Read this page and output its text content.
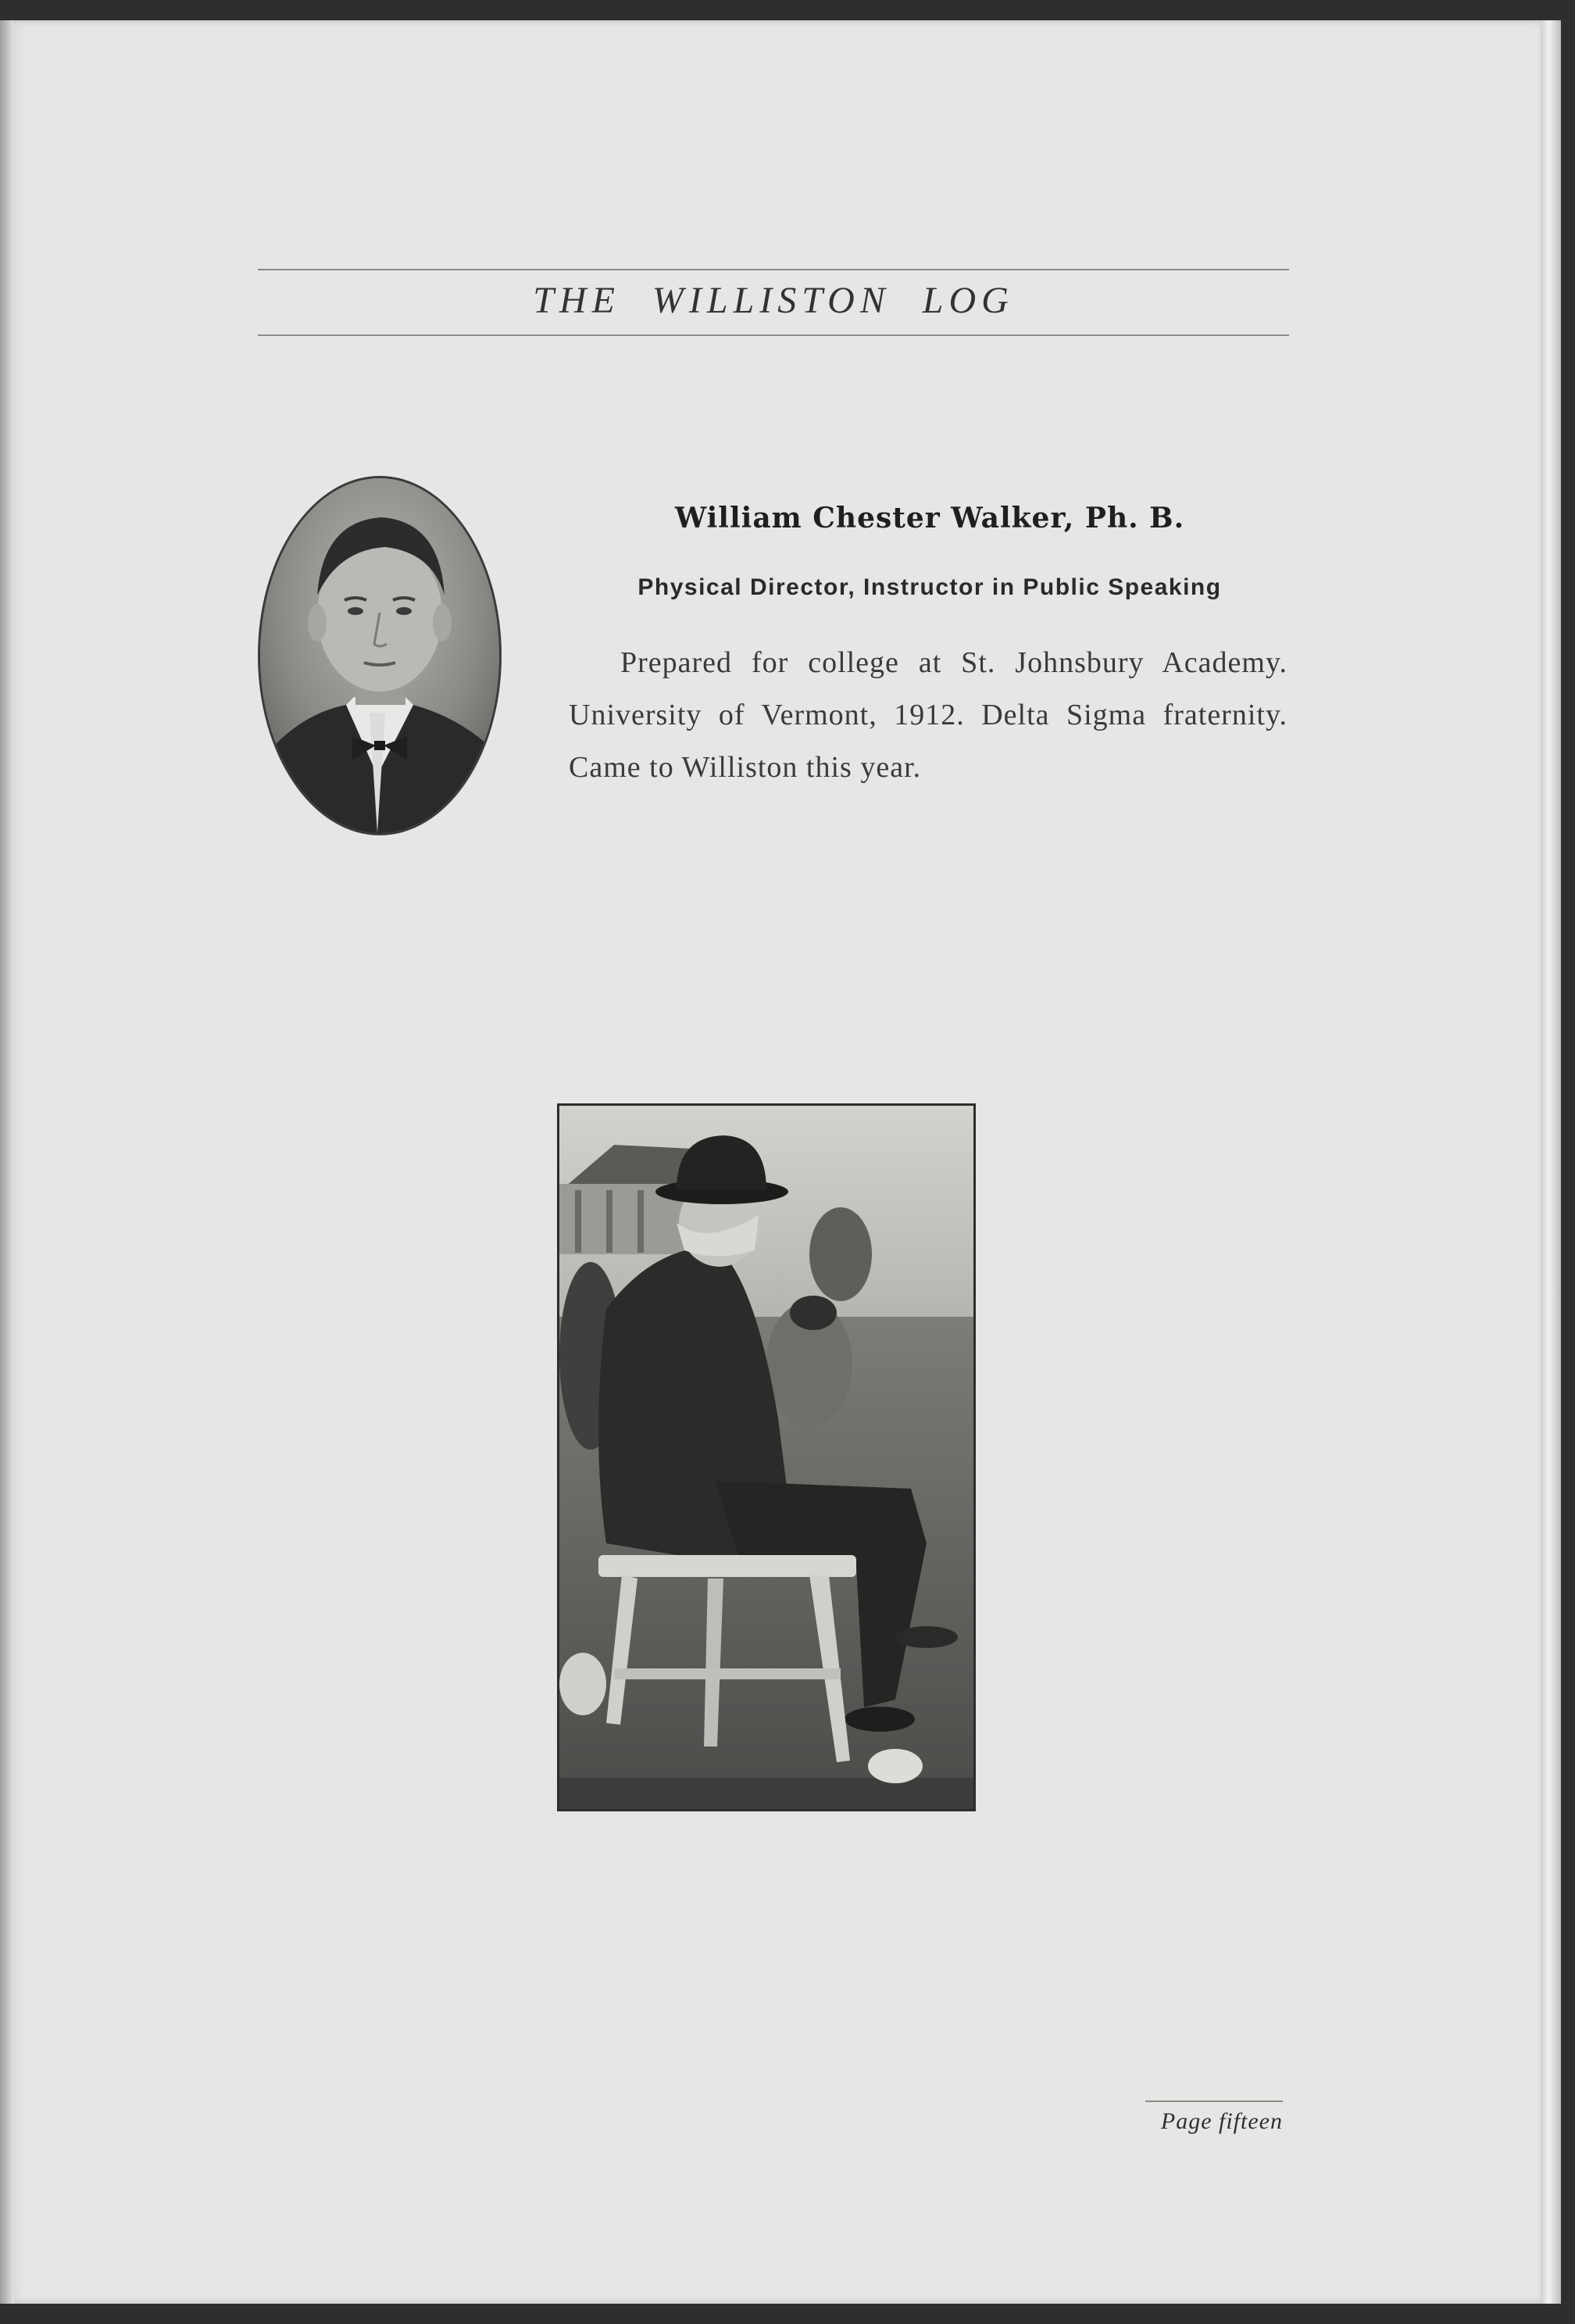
THE WILLISTON LOG
William Chester Walker, Ph. B.
Physical Director, Instructor in Public Speaking
Prepared for college at St. Johnsbury Academy. University of Vermont, 1912. Delta Sigma fraternity. Came to Williston this year.
Page fifteen
